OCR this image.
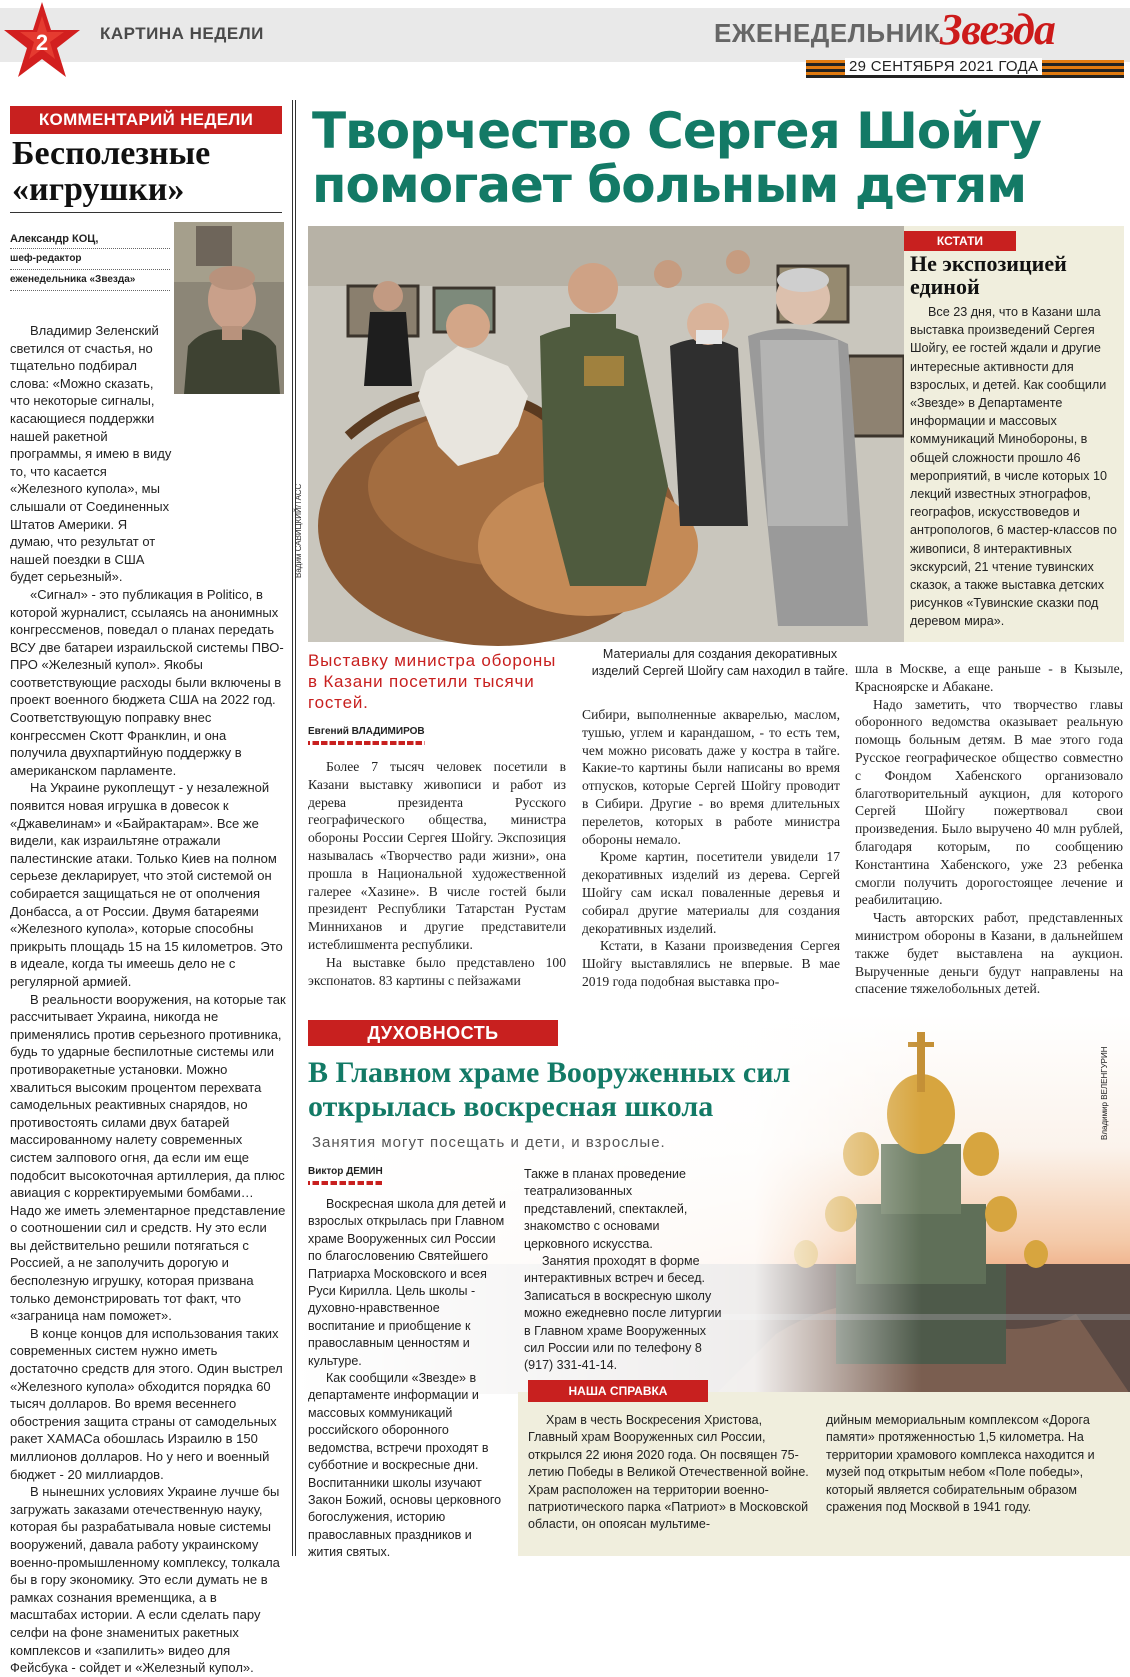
2	КАРТИНА НЕДЕЛИ	ЕЖЕНЕДЕЛЬНИК Звезда
29 СЕНТЯБРЯ 2021 ГОДА
КОММЕНТАРИЙ НЕДЕЛИ
Бесполезные
«игрушки»
Александр КОЦ,
шеф-редактор
еженедельника «Звезда»

Владимир Зеленский светился от счастья, но тщательно подбирал слова: «Можно сказать, что некоторые сигналы, касающиеся поддержки нашей ракетной программы, я имею в виду то, что касается «Железного купола», мы слышали от Соединенных Штатов Америки. Я думаю, что результат от нашей поездки в США будет серьезный».

«Сигнал» - это публикация в Politico, в которой журналист, ссылаясь на анонимных конгрессменов, поведал о планах передать ВСУ две батареи израильской системы ПВО-ПРО «Железный купол». Якобы соответствующие расходы были включены в проект военного бюджета США на 2022 год. Соответствующую поправку внес конгрессмен Скотт Франклин, и она получила двухпартийную поддержку в американском парламенте.

На Украине рукоплещут - у незалежной появится новая игрушка в довесок к «Джавелинам» и «Байрактарам». Все же видели, как израильтяне отражали палестинские атаки. Только Киев на полном серьезе декларирует, что этой системой он собирается защищаться не от ополчения Донбасса, а от России. Двумя батареями «Железного купола», которые способны прикрыть площадь 15 на 15 километров. Это в идеале, когда ты имеешь дело не с регулярной армией.

В реальности вооружения, на которые так рассчитывает Украина, никогда не применялись против серьезного противника, будь то ударные беспилотные системы или противоракетные установки. Можно хвалиться высоким процентом перехвата самодельных реактивных снарядов, но противостоять силами двух батарей массированному налету современных систем залпового огня, да если им еще подобсит высокоточная артиллерия, да плюс авиация с корректируемыми бомбами… Надо же иметь элементарное представление о соотношении сил и средств. Ну это если вы действительно решили потягаться с Россией, а не заполучить дорогую и бесполезную игрушку, которая призвана только демонстрировать тот факт, что «заграница нам поможет».

В конце концов для использования таких современных систем нужно иметь достаточно средств для этого. Один выстрел «Железного купола» обходится порядка 60 тысяч долларов. Во время весеннего обострения защита страны от самодельных ракет ХАМАСа обошлась Израилю в 150 миллионов долларов. Но у него и военный бюджет - 20 миллиардов.

В нынешних условиях Украине лучше бы загружать заказами отечественную науку, которая бы разрабатывала новые системы вооружений, давала работу украинскому военно-промышленному комплексу, толкала бы в гору экономику. Это если думать не в рамках сознания временщика, а в масштабах истории. А если сделать пару селфи на фоне знаменитых ракетных комплексов и «запилить» видео для Фейсбука - сойдет и «Железный купол».

Творчество Сергея Шойгу
помогает больным детям
Вадим САВИЦКИЙ/ТАСС
КСТАТИ
Не экспозицией единой
Все 23 дня, что в Казани шла выставка произведений Сергея Шойгу, ее гостей ждали и другие интересные активности для взрослых, и детей. Как сообщили «Звезде» в Департаменте информации и массовых коммуникаций Минобороны, в общей сложности прошло 46 мероприятий, в числе которых 10 лекций известных этнографов, географов, искусствоведов и антропологов, 6 мастер-классов по живописи, 8 интерактивных экскурсий, 21 чтение тувинских сказок, а также выставка детских рисунков «Тувинские сказки под деревом мира».
Выставку министра обороны в Казани посетили тысячи гостей.
Материалы для создания декоративных изделий Сергей Шойгу сам находил в тайге.
Евгений ВЛАДИМИРОВ

Более 7 тысяч человек посетили в Казани выставку живописи и работ из дерева президента Русского географического общества, министра обороны России Сергея Шойгу. Экспозиция называлась «Творчество ради жизни», она прошла в Национальной художественной галерее «Хазине». В числе гостей были президент Республики Татарстан Рустам Минниханов и другие представители истеблишмента республики.

На выставке было представлено 100 экспонатов. 83 картины с пейзажами

Сибири, выполненные акварелью, маслом, тушью, углем и карандашом, - то есть тем, чем можно рисовать даже у костра в тайге. Какие-то картины были написаны во время отпусков, которые Сергей Шойгу проводит в Сибири. Другие - во время длительных перелетов, которых в работе министра обороны немало.

Кроме картин, посетители увидели 17 декоративных изделий из дерева. Сергей Шойгу сам искал поваленные деревья и собирал другие материалы для создания декоративных изделий.

Кстати, в Казани произведения Сергея Шойгу выставлялись не впервые. В мае 2019 года подобная выставка про-

шла в Москве, а еще раньше - в Кызыле, Красноярске и Абакане.

Надо заметить, что творчество главы оборонного ведомства оказывает реальную помощь больным детям. В мае этого года Русское географическое общество совместно с Фондом Хабенского организовало благотворительный аукцион, для которого Сергей Шойгу пожертвовал свои произведения. Было выручено 40 млн рублей, благодаря которым, по сообщению Константина Хабенского, уже 23 ребенка смогли получить дорогостоящее лечение и реабилитацию.

Часть авторских работ, представленных министром обороны в Казани, в дальнейшем также будет выставлена на аукцион. Вырученные деньги будут направлены на спасение тяжелобольных детей.

ДУХОВНОСТЬ
В Главном храме Вооруженных сил
открылась воскресная школа
Занятия могут посещать и дети, и взрослые.
Владимир ВЕЛЕНГУРИН
Виктор ДЕМИН

Воскресная школа для детей и взрослых открылась при Главном храме Вооруженных сил России по благословению Святейшего Патриарха Московского и всея Руси Кирилла. Цель школы - духовно-нравственное воспитание и приобщение к православным ценностям и культуре.

Как сообщили «Звезде» в департаменте информации и массовых коммуникаций российского оборонного ведомства, встречи проходят в субботние и воскресные дни. Воспитанники школы изучают Закон Божий, основы церковного богослужения, историю православных праздников и жития святых.

Также в планах проведение театрализованных представлений, спектаклей, знакомство с основами церковного искусства.

Занятия проходят в форме интерактивных встреч и бесед. Записаться в воскресную школу можно ежедневно после литургии в Главном храме Вооруженных сил России или по телефону 8 (917) 331-41-14.

НАША СПРАВКА
Храм в честь Воскресения Христова, Главный храм Вооруженных сил России, открылся 22 июня 2020 года. Он посвящен 75-летию Победы в Великой Отечественной войне. Храм расположен на территории военно-патриотического парка «Патриот» в Московской области, он опоясан мультиме-
дийным мемориальным комплексом «Дорога памяти» протяженностью 1,5 километра. На территории храмового комплекса находится и музей под открытым небом «Поле победы», который является собирательным образом сражения под Москвой в 1941 году.
